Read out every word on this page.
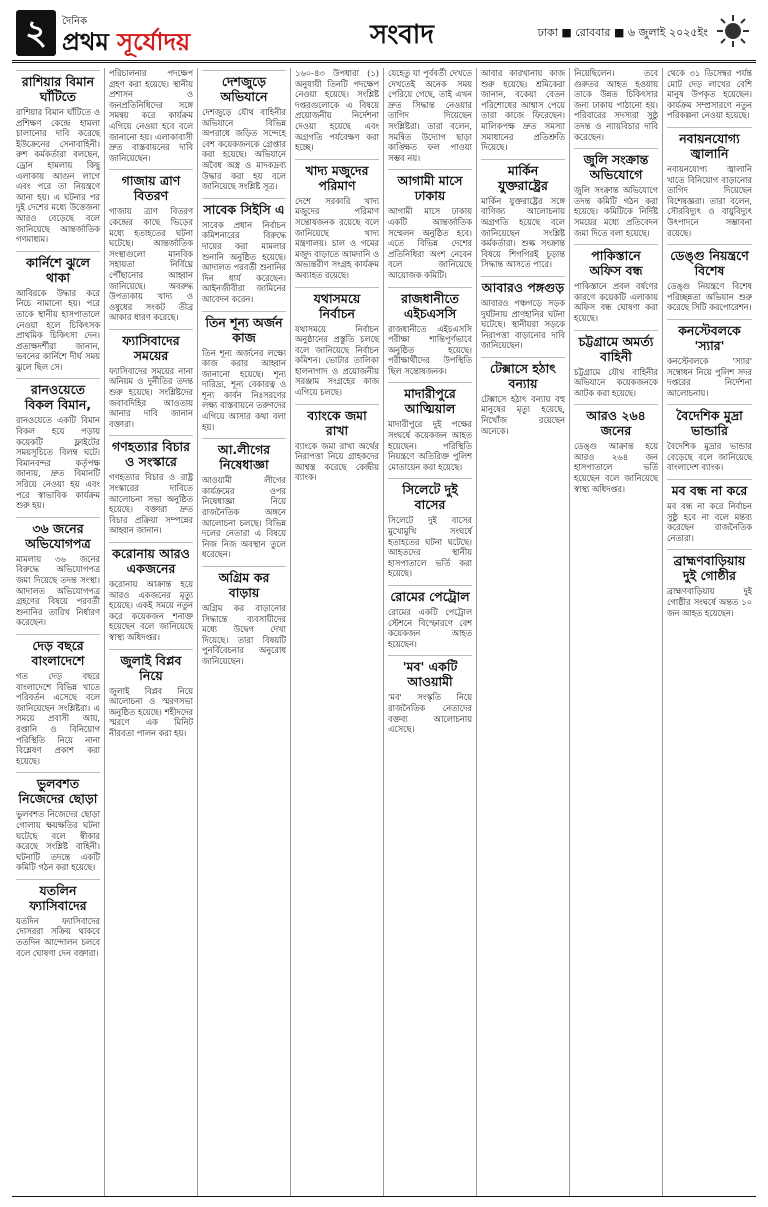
২	দৈনিক
প্রথম সূর্যোদয়	সংবাদ	ঢাকা ■ রোববার ■ ৬ জুলাই ২০২৫ইং
রাশিয়ার বিমান ঘাঁটিতে

রাশিয়ার বিমান ঘাঁটিতে ও প্রশিক্ষণ কেন্দ্রে হামলা চালানোর দাবি করেছে ইউক্রেনের সেনাবাহিনী। রুশ কর্মকর্তারা বলছেন, ড্রোন হামলায় কিছু এলাকায় আগুন লাগে এবং পরে তা নিয়ন্ত্রণে আনা হয়। এ ঘটনার পর দুই দেশের মধ্যে উত্তেজনা আরও বেড়েছে বলে জানিয়েছে আন্তর্জাতিক গণমাধ্যম।

কার্নিশে ঝুলে থাকা

আবিরকে উদ্ধার করে নিচে নামানো হয়। পরে তাকে স্থানীয় হাসপাতালে নেওয়া হলে চিকিৎসক প্রাথমিক চিকিৎসা দেন। প্রত্যক্ষদর্শীরা জানান, ভবনের কার্নিশে দীর্ঘ সময় ঝুলে ছিল সে।

রানওয়েতে বিকল বিমান,

রানওয়েতে একটি বিমান বিকল হয়ে পড়ায় কয়েকটি ফ্লাইটের সময়সূচিতে বিলম্ব ঘটে। বিমানবন্দর কর্তৃপক্ষ জানায়, দ্রুত বিমানটি সরিয়ে নেওয়া হয় এবং পরে স্বাভাবিক কার্যক্রম শুরু হয়।

৩৬ জনের অভিযোগপত্র

মামলায় ৩৬ জনের বিরুদ্ধে অভিযোগপত্র জমা দিয়েছে তদন্ত সংস্থা। আদালত অভিযোগপত্র গ্রহণের বিষয়ে পরবর্তী শুনানির তারিখ নির্ধারণ করেছেন।

দেড় বছরে বাংলাদেশে

গত দেড় বছরে বাংলাদেশে বিভিন্ন খাতে পরিবর্তন এসেছে বলে জানিয়েছেন সংশ্লিষ্টরা। এ সময়ে প্রবাসী আয়, রপ্তানি ও বিনিয়োগ পরিস্থিতি নিয়ে নানা বিশ্লেষণ প্রকাশ করা হয়েছে।

ভুলবশত নিজেদের ছোড়া

ভুলবশত নিজেদের ছোড়া গোলায় ক্ষয়ক্ষতির ঘটনা ঘটেছে বলে স্বীকার করেছে সংশ্লিষ্ট বাহিনী। ঘটনাটি তদন্তে একটি কমিটি গঠন করা হয়েছে।

যতলিন ফ্যাসিবাদের

যতদিন ফ্যাসিবাদের দোসররা সক্রিয় থাকবে ততদিন আন্দোলন চলবে বলে ঘোষণা দেন বক্তারা।

পরিচালনার পদক্ষেপ গ্রহণ করা হয়েছে। স্থানীয় প্রশাসন ও জনপ্রতিনিধিদের সঙ্গে সমন্বয় করে কার্যক্রম এগিয়ে নেওয়া হবে বলে জানানো হয়। এলাকাবাসী দ্রুত বাস্তবায়নের দাবি জানিয়েছেন।

গাজায় ত্রাণ বিতরণ

গাজায় ত্রাণ বিতরণ কেন্দ্রের কাছে ভিড়ের মধ্যে হতাহতের ঘটনা ঘটেছে। আন্তর্জাতিক সংস্থাগুলো মানবিক সহায়তা নির্বিঘ্নে পৌঁছানোর আহ্বান জানিয়েছে। অবরুদ্ধ উপত্যকায় খাদ্য ও ওষুধের সংকট তীব্র আকার ধারণ করেছে।

ফ্যাসিবাদের সময়ের

ফ্যাসিবাদের সময়ের নানা অনিয়ম ও দুর্নীতির তদন্ত শুরু হয়েছে। সংশ্লিষ্টদের জবাবদিহির আওতায় আনার দাবি জানান বক্তারা।

গণহত্যার বিচার ও সংস্কারে

গণহত্যার বিচার ও রাষ্ট্র সংস্কারের দাবিতে আলোচনা সভা অনুষ্ঠিত হয়েছে। বক্তারা দ্রুত বিচার প্রক্রিয়া সম্পন্নের আহ্বান জানান।

করোনায় আরও একজনের

করোনায় আক্রান্ত হয়ে আরও একজনের মৃত্যু হয়েছে। একই সময়ে নতুন করে কয়েকজন শনাক্ত হয়েছেন বলে জানিয়েছে স্বাস্থ্য অধিদপ্তর।

জুলাই বিপ্লব নিয়ে

জুলাই বিপ্লব নিয়ে আলোচনা ও স্মরণসভা অনুষ্ঠিত হয়েছে। শহীদদের স্মরণে এক মিনিট নীরবতা পালন করা হয়।

দেশজুড়ে অভিযানে

দেশজুড়ে যৌথ বাহিনীর অভিযানে বিভিন্ন অপরাধে জড়িত সন্দেহে বেশ কয়েকজনকে গ্রেপ্তার করা হয়েছে। অভিযানে অবৈধ অস্ত্র ও মাদকদ্রব্য উদ্ধার করা হয় বলে জানিয়েছে সংশ্লিষ্ট সূত্র।

সাবেক সিইসি এ

সাবেক প্রধান নির্বাচন কমিশনারের বিরুদ্ধে দায়ের করা মামলার শুনানি অনুষ্ঠিত হয়েছে। আদালত পরবর্তী শুনানির দিন ধার্য করেছেন। আইনজীবীরা জামিনের আবেদন করেন।

তিন শূন্য অর্জন কাজ

তিন শূন্য অর্জনের লক্ষ্যে কাজ করার আহ্বান জানানো হয়েছে। শূন্য দারিদ্র্য, শূন্য বেকারত্ব ও শূন্য কার্বন নিঃসরণের লক্ষ্য বাস্তবায়নে তরুণদের এগিয়ে আসার কথা বলা হয়।

আ.লীগের নিষেধাজ্ঞা

আওয়ামী লীগের কার্যক্রমের ওপর নিষেধাজ্ঞা নিয়ে রাজনৈতিক অঙ্গনে আলোচনা চলছে। বিভিন্ন দলের নেতারা এ বিষয়ে নিজ নিজ অবস্থান তুলে ধরেছেন।

অগ্রিম কর বাড়ায়

অগ্রিম কর বাড়ানোর সিদ্ধান্তে ব্যবসায়ীদের মধ্যে উদ্বেগ দেখা দিয়েছে। তারা বিষয়টি পুনর্বিবেচনার অনুরোধ জানিয়েছেন।

১৬০-৪৩ উপধারা (১) অনুযায়ী তিনটি পদক্ষেপ নেওয়া হয়েছে। সংশ্লিষ্ট দপ্তরগুলোকে এ বিষয়ে প্রয়োজনীয় নির্দেশনা দেওয়া হয়েছে এবং অগ্রগতি পর্যবেক্ষণ করা হচ্ছে।

খাদ্য মজুদের পরিমাণ

দেশে সরকারি খাদ্য মজুদের পরিমাণ সন্তোষজনক রয়েছে বলে জানিয়েছে খাদ্য মন্ত্রণালয়। চাল ও গমের মজুদ বাড়াতে আমদানি ও অভ্যন্তরীণ সংগ্রহ কার্যক্রম অব্যাহত রয়েছে।

যথাসময়ে নির্বাচন

যথাসময়ে নির্বাচন অনুষ্ঠানের প্রস্তুতি চলছে বলে জানিয়েছে নির্বাচন কমিশন। ভোটার তালিকা হালনাগাদ ও প্রয়োজনীয় সরঞ্জাম সংগ্রহের কাজ এগিয়ে চলছে।

ব্যাংকে জমা রাখা

ব্যাংকে জমা রাখা অর্থের নিরাপত্তা নিয়ে গ্রাহকদের আশ্বস্ত করেছে কেন্দ্রীয় ব্যাংক।

যেহেতু যা পূর্ববর্তী দেখতে দেখতেই অনেক সময় পেরিয়ে গেছে, তাই এখন দ্রুত সিদ্ধান্ত নেওয়ার তাগিদ দিয়েছেন সংশ্লিষ্টরা। তারা বলেন, সমন্বিত উদ্যোগ ছাড়া কাঙ্ক্ষিত ফল পাওয়া সম্ভব নয়।

আগামী মাসে ঢাকায়

আগামী মাসে ঢাকায় একটি আন্তর্জাতিক সম্মেলন অনুষ্ঠিত হবে। এতে বিভিন্ন দেশের প্রতিনিধিরা অংশ নেবেন বলে জানিয়েছে আয়োজক কমিটি।

রাজধানীতে এইচএসসি

রাজধানীতে এইচএসসি পরীক্ষা শান্তিপূর্ণভাবে অনুষ্ঠিত হয়েছে। পরীক্ষার্থীদের উপস্থিতি ছিল সন্তোষজনক।

মাদারীপুরে আত্মিয়াল

মাদারীপুরে দুই পক্ষের সংঘর্ষে কয়েকজন আহত হয়েছেন। পরিস্থিতি নিয়ন্ত্রণে অতিরিক্ত পুলিশ মোতায়েন করা হয়েছে।

সিলেটে দুই বাসের

সিলেটে দুই বাসের মুখোমুখি সংঘর্ষে হতাহতের ঘটনা ঘটেছে। আহতদের স্থানীয় হাসপাতালে ভর্তি করা হয়েছে।

রোমের পেট্রোল

রোমের একটি পেট্রোল স্টেশনে বিস্ফোরণে বেশ কয়েকজন আহত হয়েছেন।

'মব' একটি আওয়ামী

'মব' সংস্কৃতি নিয়ে রাজনৈতিক নেতাদের বক্তব্য আলোচনায় এসেছে।

আবার কারখানায় কাজ শুরু হয়েছে। শ্রমিকেরা জানান, বকেয়া বেতন পরিশোধের আশ্বাস পেয়ে তারা কাজে ফিরেছেন। মালিকপক্ষ দ্রুত সমস্যা সমাধানের প্রতিশ্রুতি দিয়েছে।

মার্কিন যুক্তরাষ্ট্রের

মার্কিন যুক্তরাষ্ট্রের সঙ্গে বাণিজ্য আলোচনায় অগ্রগতি হয়েছে বলে জানিয়েছেন সংশ্লিষ্ট কর্মকর্তারা। শুল্ক সংক্রান্ত বিষয়ে শিগগিরই চূড়ান্ত সিদ্ধান্ত আসতে পারে।

আবারও পঙ্গগুড়

আবারও পঞ্চগড়ে সড়ক দুর্ঘটনায় প্রাণহানির ঘটনা ঘটেছে। স্থানীয়রা সড়কে নিরাপত্তা বাড়ানোর দাবি জানিয়েছেন।

টেক্সাসে হঠাৎ বন্যায়

টেক্সাসে হঠাৎ বন্যায় বহু মানুষের মৃত্যু হয়েছে, নিখোঁজ রয়েছেন অনেকে।

নিয়েছিলেন। তবে গুরুতর আহত হওয়ায় তাকে উন্নত চিকিৎসার জন্য ঢাকায় পাঠানো হয়। পরিবারের সদস্যরা সুষ্ঠু তদন্ত ও ন্যায়বিচার দাবি করেছেন।

জুলি সংক্রান্ত অভিযোগে

জুলি সংক্রান্ত অভিযোগে তদন্ত কমিটি গঠন করা হয়েছে। কমিটিকে নির্দিষ্ট সময়ের মধ্যে প্রতিবেদন জমা দিতে বলা হয়েছে।

পাকিস্তানে অফিস বন্ধ

পাকিস্তানে প্রবল বর্ষণের কারণে কয়েকটি এলাকায় অফিস বন্ধ ঘোষণা করা হয়েছে।

চট্টগ্রামে অমর্ত্য বাহিনী

চট্টগ্রামে যৌথ বাহিনীর অভিযানে কয়েকজনকে আটক করা হয়েছে।

আরও ২৬৪ জনের

ডেঙ্গু আক্রান্ত হয়ে আরও ২৬৪ জন হাসপাতালে ভর্তি হয়েছেন বলে জানিয়েছে স্বাস্থ্য অধিদপ্তর।

থেকে ৩১ ডিসেম্বর পর্যন্ত মোট দেড় লাখের বেশি মানুষ উপকৃত হয়েছেন। কার্যক্রম সম্প্রসারণে নতুন পরিকল্পনা নেওয়া হয়েছে।

নবায়নযোগ্য জ্বালানি

নবায়নযোগ্য জ্বালানি খাতে বিনিয়োগ বাড়ানোর তাগিদ দিয়েছেন বিশেষজ্ঞরা। তারা বলেন, সৌরবিদ্যুৎ ও বায়ুবিদ্যুৎ উৎপাদনে সম্ভাবনা রয়েছে।

ডেঙ্গু নিয়ন্ত্রণে বিশেষ

ডেঙ্গু নিয়ন্ত্রণে বিশেষ পরিচ্ছন্নতা অভিযান শুরু করেছে সিটি করপোরেশন।

কনস্টেবলকে 'স্যার'

কনস্টেবলকে 'স্যার' সম্বোধন নিয়ে পুলিশ সদর দপ্তরের নির্দেশনা আলোচনায়।

বৈদেশিক মুদ্রা ভান্ডারি

বৈদেশিক মুদ্রার ভান্ডার বেড়েছে বলে জানিয়েছে বাংলাদেশ ব্যাংক।

মব বন্ধ না করে

মব বন্ধ না করে নির্বাচন সুষ্ঠু হবে না বলে মন্তব্য করেছেন রাজনৈতিক নেতারা।

ব্রাহ্মণবাড়িয়ায় দুই গোষ্ঠীর

ব্রাহ্মণবাড়িয়ায় দুই গোষ্ঠীর সংঘর্ষে অন্তত ১০ জন আহত হয়েছেন।
